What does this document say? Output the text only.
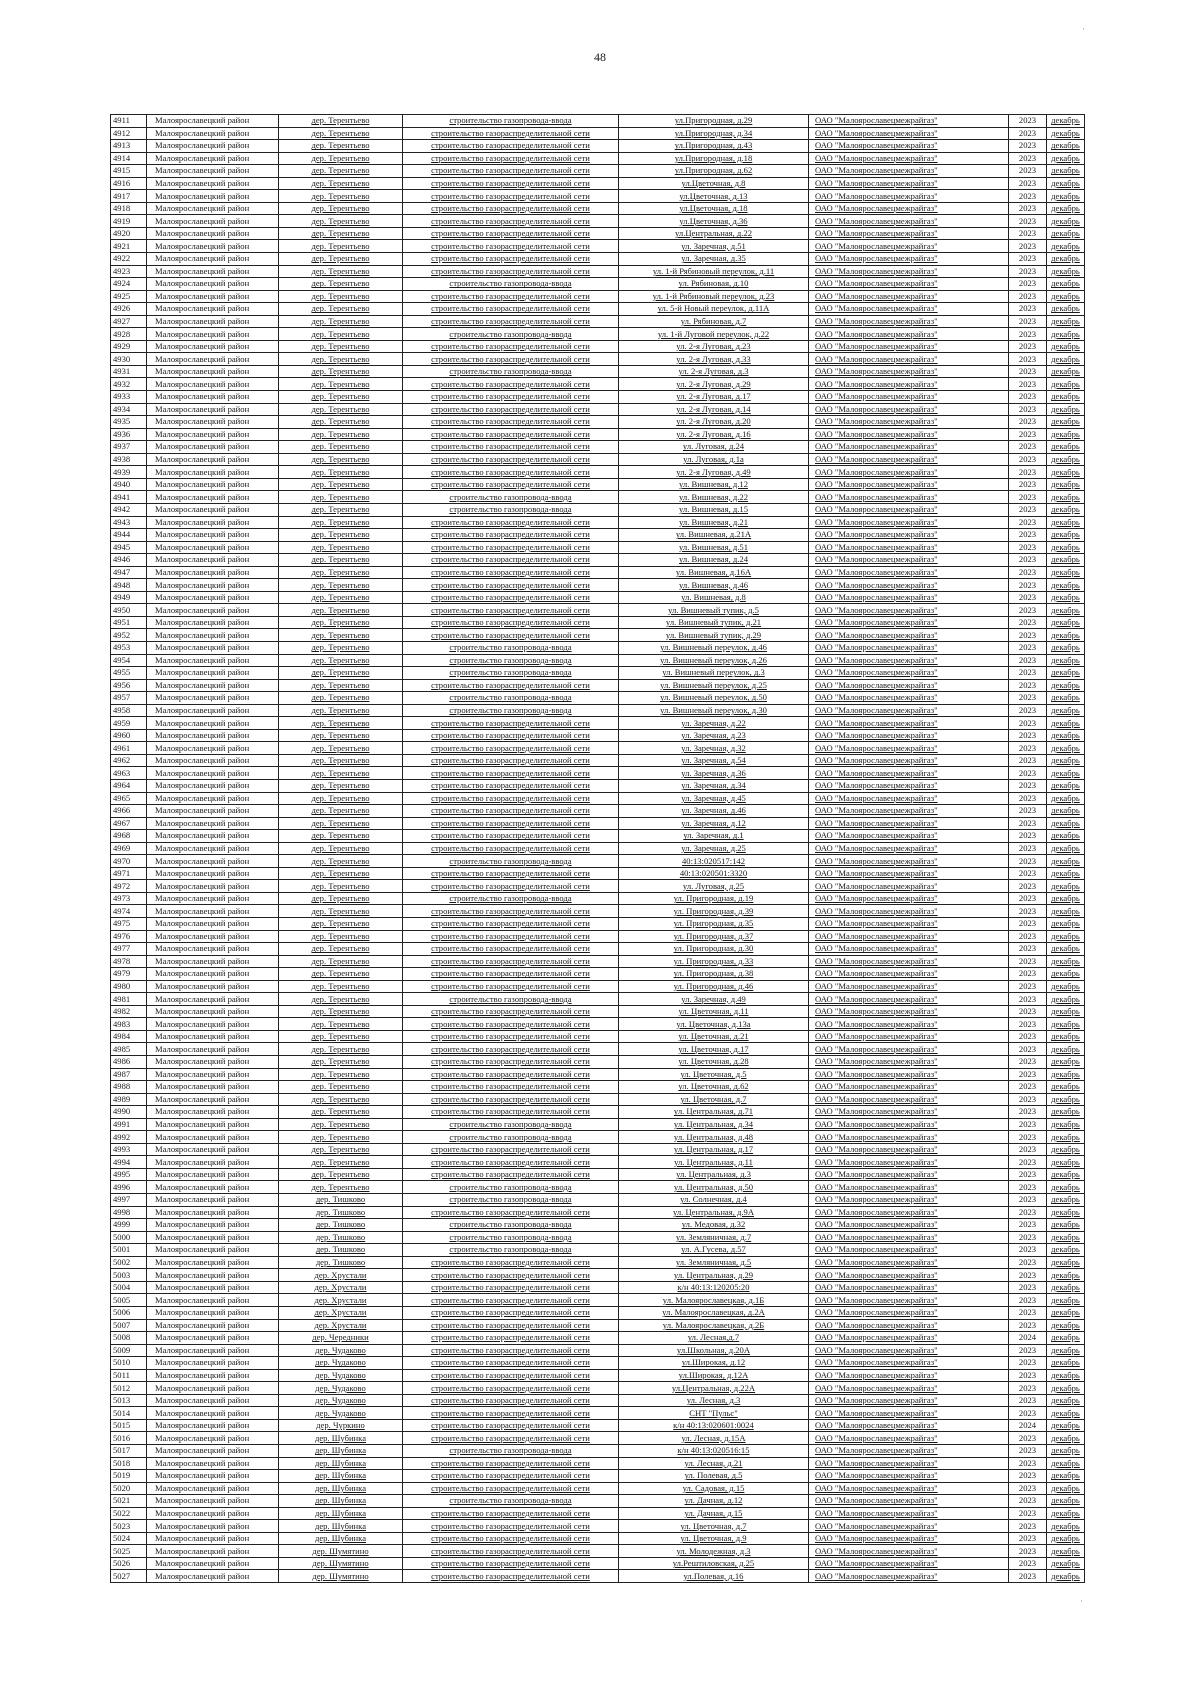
48
·
·
4911	Малоярославецкий район	дер. Терентьево	строительство газопровода-ввода	ул.Пригородная, д.29	ОАО "Малоярославецмежрайгаз"	2023	декабрь
4912	Малоярославецкий район	дер. Терентьево	строительство газораспределительной сети	ул.Пригородная, д.34	ОАО "Малоярославецмежрайгаз"	2023	декабрь
4913	Малоярославецкий район	дер. Терентьево	строительство газораспределительной сети	ул.Пригородная, д.43	ОАО "Малоярославецмежрайгаз"	2023	декабрь
4914	Малоярославецкий район	дер. Терентьево	строительство газораспределительной сети	ул.Пригородная, д.18	ОАО "Малоярославецмежрайгаз"	2023	декабрь
4915	Малоярославецкий район	дер. Терентьево	строительство газораспределительной сети	ул.Пригородная, д.62	ОАО "Малоярославецмежрайгаз"	2023	декабрь
4916	Малоярославецкий район	дер. Терентьево	строительство газораспределительной сети	ул.Цветочная, д.8	ОАО "Малоярославецмежрайгаз"	2023	декабрь
4917	Малоярославецкий район	дер. Терентьево	строительство газораспределительной сети	ул.Цветочная, д.13	ОАО "Малоярославецмежрайгаз"	2023	декабрь
4918	Малоярославецкий район	дер. Терентьево	строительство газораспределительной сети	ул.Цветочная, д.18	ОАО "Малоярославецмежрайгаз"	2023	декабрь
4919	Малоярославецкий район	дер. Терентьево	строительство газораспределительной сети	ул.Цветочная, д.36	ОАО "Малоярославецмежрайгаз"	2023	декабрь
4920	Малоярославецкий район	дер. Терентьево	строительство газораспределительной сети	ул.Центральная, д.22	ОАО "Малоярославецмежрайгаз"	2023	декабрь
4921	Малоярославецкий район	дер. Терентьево	строительство газораспределительной сети	ул. Заречная, д.51	ОАО "Малоярославецмежрайгаз"	2023	декабрь
4922	Малоярославецкий район	дер. Терентьево	строительство газораспределительной сети	ул. Заречная, д.35	ОАО "Малоярославецмежрайгаз"	2023	декабрь
4923	Малоярославецкий район	дер. Терентьево	строительство газораспределительной сети	ул. 1-й Рябиновый переулок, д.11	ОАО "Малоярославецмежрайгаз"	2023	декабрь
4924	Малоярославецкий район	дер. Терентьево	строительство газопровода-ввода	ул. Рябиновая, д.10	ОАО "Малоярославецмежрайгаз"	2023	декабрь
4925	Малоярославецкий район	дер. Терентьево	строительство газораспределительной сети	ул. 1-й Рябиновый переулок, д.23	ОАО "Малоярославецмежрайгаз"	2023	декабрь
4926	Малоярославецкий район	дер. Терентьево	строительство газораспределительной сети	ул. 5-й Новый переулок, д.11А	ОАО "Малоярославецмежрайгаз"	2023	декабрь
4927	Малоярославецкий район	дер. Терентьево	строительство газораспределительной сети	ул. Рябиновая, д.7	ОАО "Малоярославецмежрайгаз"	2023	декабрь
4928	Малоярославецкий район	дер. Терентьево	строительство газопровода-ввода	ул. 1-й Луговой переулок, д.22	ОАО "Малоярославецмежрайгаз"	2023	декабрь
4929	Малоярославецкий район	дер. Терентьево	строительство газораспределительной сети	ул. 2-я Луговая, д.23	ОАО "Малоярославецмежрайгаз"	2023	декабрь
4930	Малоярославецкий район	дер. Терентьево	строительство газораспределительной сети	ул. 2-я Луговая, д.33	ОАО "Малоярославецмежрайгаз"	2023	декабрь
4931	Малоярославецкий район	дер. Терентьево	строительство газопровода-ввода	ул. 2-я Луговая, д.3	ОАО "Малоярославецмежрайгаз"	2023	декабрь
4932	Малоярославецкий район	дер. Терентьево	строительство газораспределительной сети	ул. 2-я Луговая, д.29	ОАО "Малоярославецмежрайгаз"	2023	декабрь
4933	Малоярославецкий район	дер. Терентьево	строительство газораспределительной сети	ул. 2-я Луговая, д.17	ОАО "Малоярославецмежрайгаз"	2023	декабрь
4934	Малоярославецкий район	дер. Терентьево	строительство газораспределительной сети	ул. 2-я Луговая, д.14	ОАО "Малоярославецмежрайгаз"	2023	декабрь
4935	Малоярославецкий район	дер. Терентьево	строительство газораспределительной сети	ул. 2-я Луговая, д.20	ОАО "Малоярославецмежрайгаз"	2023	декабрь
4936	Малоярославецкий район	дер. Терентьево	строительство газораспределительной сети	ул. 2-я Луговая, д.16	ОАО "Малоярославецмежрайгаз"	2023	декабрь
4937	Малоярославецкий район	дер. Терентьево	строительство газораспределительной сети	ул. Луговая, д.24	ОАО "Малоярославецмежрайгаз"	2023	декабрь
4938	Малоярославецкий район	дер. Терентьево	строительство газораспределительной сети	ул. Луговая, д.1а	ОАО "Малоярославецмежрайгаз"	2023	декабрь
4939	Малоярославецкий район	дер. Терентьево	строительство газораспределительной сети	ул. 2-я Луговая, д.49	ОАО "Малоярославецмежрайгаз"	2023	декабрь
4940	Малоярославецкий район	дер. Терентьево	строительство газораспределительной сети	ул. Вишневая, д.12	ОАО "Малоярославецмежрайгаз"	2023	декабрь
4941	Малоярославецкий район	дер. Терентьево	строительство газопровода-ввода	ул. Вишневая, д.22	ОАО "Малоярославецмежрайгаз"	2023	декабрь
4942	Малоярославецкий район	дер. Терентьево	строительство газопровода-ввода	ул. Вишневая, д.15	ОАО "Малоярославецмежрайгаз"	2023	декабрь
4943	Малоярославецкий район	дер. Терентьево	строительство газораспределительной сети	ул. Вишневая, д.21	ОАО "Малоярославецмежрайгаз"	2023	декабрь
4944	Малоярославецкий район	дер. Терентьево	строительство газораспределительной сети	ул. Вишневая, д.21А	ОАО "Малоярославецмежрайгаз"	2023	декабрь
4945	Малоярославецкий район	дер. Терентьево	строительство газораспределительной сети	ул. Вишневая, д.51	ОАО "Малоярославецмежрайгаз"	2023	декабрь
4946	Малоярославецкий район	дер. Терентьево	строительство газораспределительной сети	ул. Вишневая, д.24	ОАО "Малоярославецмежрайгаз"	2023	декабрь
4947	Малоярославецкий район	дер. Терентьево	строительство газораспределительной сети	ул. Вишневая, д.16А	ОАО "Малоярославецмежрайгаз"	2023	декабрь
4948	Малоярославецкий район	дер. Терентьево	строительство газораспределительной сети	ул. Вишневая, д.46	ОАО "Малоярославецмежрайгаз"	2023	декабрь
4949	Малоярославецкий район	дер. Терентьево	строительство газораспределительной сети	ул. Вишневая, д.8	ОАО "Малоярославецмежрайгаз"	2023	декабрь
4950	Малоярославецкий район	дер. Терентьево	строительство газораспределительной сети	ул. Вишневый тупик, д.5	ОАО "Малоярославецмежрайгаз"	2023	декабрь
4951	Малоярославецкий район	дер. Терентьево	строительство газораспределительной сети	ул. Вишневый тупик, д.21	ОАО "Малоярославецмежрайгаз"	2023	декабрь
4952	Малоярославецкий район	дер. Терентьево	строительство газораспределительной сети	ул. Вишневый тупик, д.29	ОАО "Малоярославецмежрайгаз"	2023	декабрь
4953	Малоярославецкий район	дер. Терентьево	строительство газопровода-ввода	ул. Вишневый переулок, д.46	ОАО "Малоярославецмежрайгаз"	2023	декабрь
4954	Малоярославецкий район	дер. Терентьево	строительство газопровода-ввода	ул. Вишневый переулок, д.26	ОАО "Малоярославецмежрайгаз"	2023	декабрь
4955	Малоярославецкий район	дер. Терентьево	строительство газопровода-ввода	ул. Вишневый переулок, д.3	ОАО "Малоярославецмежрайгаз"	2023	декабрь
4956	Малоярославецкий район	дер. Терентьево	строительство газораспределительной сети	ул. Вишневый переулок, д.25	ОАО "Малоярославецмежрайгаз"	2023	декабрь
4957	Малоярославецкий район	дер. Терентьево	строительство газопровода-ввода	ул. Вишневый переулок, д.50	ОАО "Малоярославецмежрайгаз"	2023	декабрь
4958	Малоярославецкий район	дер. Терентьево	строительство газопровода-ввода	ул. Вишневый переулок, д.30	ОАО "Малоярославецмежрайгаз"	2023	декабрь
4959	Малоярославецкий район	дер. Терентьево	строительство газораспределительной сети	ул. Заречная, д.22	ОАО "Малоярославецмежрайгаз"	2023	декабрь
4960	Малоярославецкий район	дер. Терентьево	строительство газораспределительной сети	ул. Заречная, д.23	ОАО "Малоярославецмежрайгаз"	2023	декабрь
4961	Малоярославецкий район	дер. Терентьево	строительство газораспределительной сети	ул. Заречная, д.32	ОАО "Малоярославецмежрайгаз"	2023	декабрь
4962	Малоярославецкий район	дер. Терентьево	строительство газораспределительной сети	ул. Заречная, д.54	ОАО "Малоярославецмежрайгаз"	2023	декабрь
4963	Малоярославецкий район	дер. Терентьево	строительство газораспределительной сети	ул. Заречная, д.36	ОАО "Малоярославецмежрайгаз"	2023	декабрь
4964	Малоярославецкий район	дер. Терентьево	строительство газораспределительной сети	ул. Заречная, д.34	ОАО "Малоярославецмежрайгаз"	2023	декабрь
4965	Малоярославецкий район	дер. Терентьево	строительство газораспределительной сети	ул. Заречная, д.45	ОАО "Малоярославецмежрайгаз"	2023	декабрь
4966	Малоярославецкий район	дер. Терентьево	строительство газораспределительной сети	ул. Заречная, д.46	ОАО "Малоярославецмежрайгаз"	2023	декабрь
4967	Малоярославецкий район	дер. Терентьево	строительство газораспределительной сети	ул. Заречная, д.12	ОАО "Малоярославецмежрайгаз"	2023	декабрь
4968	Малоярославецкий район	дер. Терентьево	строительство газораспределительной сети	ул. Заречная, д.1	ОАО "Малоярославецмежрайгаз"	2023	декабрь
4969	Малоярославецкий район	дер. Терентьево	строительство газораспределительной сети	ул. Заречная, д.25	ОАО "Малоярославецмежрайгаз"	2023	декабрь
4970	Малоярославецкий район	дер. Терентьево	строительство газопровода-ввода	40:13:020517:142	ОАО "Малоярославецмежрайгаз"	2023	декабрь
4971	Малоярославецкий район	дер. Терентьево	строительство газораспределительной сети	40:13:020501:3320	ОАО "Малоярославецмежрайгаз"	2023	декабрь
4972	Малоярославецкий район	дер. Терентьево	строительство газораспределительной сети	ул. Луговая, д.25	ОАО "Малоярославецмежрайгаз"	2023	декабрь
4973	Малоярославецкий район	дер. Терентьево	строительство газопровода-ввода	ул. Пригородная, д.19	ОАО "Малоярославецмежрайгаз"	2023	декабрь
4974	Малоярославецкий район	дер. Терентьево	строительство газораспределительной сети	ул. Пригородная, д.39	ОАО "Малоярославецмежрайгаз"	2023	декабрь
4975	Малоярославецкий район	дер. Терентьево	строительство газораспределительной сети	ул. Пригородная, д.35	ОАО "Малоярославецмежрайгаз"	2023	декабрь
4976	Малоярославецкий район	дер. Терентьево	строительство газораспределительной сети	ул. Пригородная, д.37	ОАО "Малоярославецмежрайгаз"	2023	декабрь
4977	Малоярославецкий район	дер. Терентьево	строительство газораспределительной сети	ул. Пригородная, д.30	ОАО "Малоярославецмежрайгаз"	2023	декабрь
4978	Малоярославецкий район	дер. Терентьево	строительство газораспределительной сети	ул. Пригородная, д.33	ОАО "Малоярославецмежрайгаз"	2023	декабрь
4979	Малоярославецкий район	дер. Терентьево	строительство газораспределительной сети	ул. Пригородная, д.38	ОАО "Малоярославецмежрайгаз"	2023	декабрь
4980	Малоярославецкий район	дер. Терентьево	строительство газораспределительной сети	ул. Пригородная, д.46	ОАО "Малоярославецмежрайгаз"	2023	декабрь
4981	Малоярославецкий район	дер. Терентьево	строительство газопровода-ввода	ул. Заречная, д.49	ОАО "Малоярославецмежрайгаз"	2023	декабрь
4982	Малоярославецкий район	дер. Терентьево	строительство газораспределительной сети	ул. Цветочная, д.11	ОАО "Малоярославецмежрайгаз"	2023	декабрь
4983	Малоярославецкий район	дер. Терентьево	строительство газораспределительной сети	ул. Цветочная, д.13а	ОАО "Малоярославецмежрайгаз"	2023	декабрь
4984	Малоярославецкий район	дер. Терентьево	строительство газораспределительной сети	ул. Цветочная, д.21	ОАО "Малоярославецмежрайгаз"	2023	декабрь
4985	Малоярославецкий район	дер. Терентьево	строительство газораспределительной сети	ул. Цветочная, д.17	ОАО "Малоярославецмежрайгаз"	2023	декабрь
4986	Малоярославецкий район	дер. Терентьево	строительство газораспределительной сети	ул. Цветочная, д.28	ОАО "Малоярославецмежрайгаз"	2023	декабрь
4987	Малоярославецкий район	дер. Терентьево	строительство газораспределительной сети	ул. Цветочная, д.5	ОАО "Малоярославецмежрайгаз"	2023	декабрь
4988	Малоярославецкий район	дер. Терентьево	строительство газораспределительной сети	ул. Цветочная, д.62	ОАО "Малоярославецмежрайгаз"	2023	декабрь
4989	Малоярославецкий район	дер. Терентьево	строительство газораспределительной сети	ул. Цветочная, д.7	ОАО "Малоярославецмежрайгаз"	2023	декабрь
4990	Малоярославецкий район	дер. Терентьево	строительство газораспределительной сети	ул. Центральная, д.71	ОАО "Малоярославецмежрайгаз"	2023	декабрь
4991	Малоярославецкий район	дер. Терентьево	строительство газопровода-ввода	ул. Центральная, д.34	ОАО "Малоярославецмежрайгаз"	2023	декабрь
4992	Малоярославецкий район	дер. Терентьево	строительство газопровода-ввода	ул. Центральная, д.48	ОАО "Малоярославецмежрайгаз"	2023	декабрь
4993	Малоярославецкий район	дер. Терентьево	строительство газораспределительной сети	ул. Центральная, д.17	ОАО "Малоярославецмежрайгаз"	2023	декабрь
4994	Малоярославецкий район	дер. Терентьево	строительство газораспределительной сети	ул. Центральная, д.11	ОАО "Малоярославецмежрайгаз"	2023	декабрь
4995	Малоярославецкий район	дер. Терентьево	строительство газораспределительной сети	ул. Центральная, д.3	ОАО "Малоярославецмежрайгаз"	2023	декабрь
4996	Малоярославецкий район	дер. Терентьево	строительство газопровода-ввода	ул. Центральная, д.50	ОАО "Малоярославецмежрайгаз"	2023	декабрь
4997	Малоярославецкий район	дер. Тишково	строительство газопровода-ввода	ул. Солнечная, д.4	ОАО "Малоярославецмежрайгаз"	2023	декабрь
4998	Малоярославецкий район	дер. Тишково	строительство газораспределительной сети	ул. Центральная, д.9А	ОАО "Малоярославецмежрайгаз"	2023	декабрь
4999	Малоярославецкий район	дер. Тишково	строительство газопровода-ввода	ул. Медовая, д.32	ОАО "Малоярославецмежрайгаз"	2023	декабрь
5000	Малоярославецкий район	дер. Тишково	строительство газопровода-ввода	ул. Земляничная, д.7	ОАО "Малоярославецмежрайгаз"	2023	декабрь
5001	Малоярославецкий район	дер. Тишково	строительство газопровода-ввода	ул. А.Гусева, д.57	ОАО "Малоярославецмежрайгаз"	2023	декабрь
5002	Малоярославецкий район	дер. Тишково	строительство газораспределительной сети	ул. Земляничная, д.5	ОАО "Малоярославецмежрайгаз"	2023	декабрь
5003	Малоярославецкий район	дер. Хрустали	строительство газораспределительной сети	ул. Центральная, д.29	ОАО "Малоярославецмежрайгаз"	2023	декабрь
5004	Малоярославецкий район	дер. Хрустали	строительство газораспределительной сети	к/н 40:13:120205:20	ОАО "Малоярославецмежрайгаз"	2023	декабрь
5005	Малоярославецкий район	дер. Хрустали	строительство газораспределительной сети	ул. Малоярославецкая, д.1Б	ОАО "Малоярославецмежрайгаз"	2023	декабрь
5006	Малоярославецкий район	дер. Хрустали	строительство газораспределительной сети	ул. Малоярославецкая, д.2А	ОАО "Малоярославецмежрайгаз"	2023	декабрь
5007	Малоярославецкий район	дер. Хрустали	строительство газораспределительной сети	ул. Малоярославецкая, д.2Б	ОАО "Малоярославецмежрайгаз"	2023	декабрь
5008	Малоярославецкий район	дер. Чередники	строительство газораспределительной сети	ул. Лесная,д.7	ОАО "Малоярославецмежрайгаз"	2024	декабрь
5009	Малоярославецкий район	дер. Чудаково	строительство газораспределительной сети	ул.Школьная, д.20А	ОАО "Малоярославецмежрайгаз"	2023	декабрь
5010	Малоярославецкий район	дер. Чудаково	строительство газораспределительной сети	ул.Широкая, д.12	ОАО "Малоярославецмежрайгаз"	2023	декабрь
5011	Малоярославецкий район	дер. Чудаково	строительство газораспределительной сети	ул.Широкая, д.12А	ОАО "Малоярославецмежрайгаз"	2023	декабрь
5012	Малоярославецкий район	дер. Чудаково	строительство газораспределительной сети	ул.Центральная, д.22А	ОАО "Малоярославецмежрайгаз"	2023	декабрь
5013	Малоярославецкий район	дер. Чудаково	строительство газораспределительной сети	ул. Лесная, д.3	ОАО "Малоярославецмежрайгаз"	2023	декабрь
5014	Малоярославецкий район	дер. Чудаково	строительство газораспределительной сети	СНТ "Пульс"	ОАО "Малоярославецмежрайгаз"	2023	декабрь
5015	Малоярославецкий район	дер. Чуркино	строительство газораспределительной сети	к/н 40:13:020601:0024	ОАО "Малоярославецмежрайгаз"	2024	декабрь
5016	Малоярославецкий район	дер. Шубинка	строительство газораспределительной сети	ул. Лесная, д.15А	ОАО "Малоярославецмежрайгаз"	2023	декабрь
5017	Малоярославецкий район	дер. Шубинка	строительство газопровода-ввода	к/н 40:13:020516:15	ОАО "Малоярославецмежрайгаз"	2023	декабрь
5018	Малоярославецкий район	дер. Шубинка	строительство газораспределительной сети	ул. Лесная, д.21	ОАО "Малоярославецмежрайгаз"	2023	декабрь
5019	Малоярославецкий район	дер. Шубинка	строительство газораспределительной сети	ул. Полевая, д.5	ОАО "Малоярославецмежрайгаз"	2023	декабрь
5020	Малоярославецкий район	дер. Шубинка	строительство газораспределительной сети	ул. Садовая, д.15	ОАО "Малоярославецмежрайгаз"	2023	декабрь
5021	Малоярославецкий район	дер. Шубинка	строительство газопровода-ввода	ул. Дачная, д.12	ОАО "Малоярославецмежрайгаз"	2023	декабрь
5022	Малоярославецкий район	дер. Шубинка	строительство газораспределительной сети	ул. Дачная, д.15	ОАО "Малоярославецмежрайгаз"	2023	декабрь
5023	Малоярославецкий район	дер. Шубинка	строительство газораспределительной сети	ул. Цветочная, д.7	ОАО "Малоярославецмежрайгаз"	2023	декабрь
5024	Малоярославецкий район	дер. Шубинка	строительство газораспределительной сети	ул. Цветочная, д.9	ОАО "Малоярославецмежрайгаз"	2023	декабрь
5025	Малоярославецкий район	дер. Шумятино	строительство газораспределительной сети	ул. Молодежная, д.3	ОАО "Малоярославецмежрайгаз"	2023	декабрь
5026	Малоярославецкий район	дер. Шумятино	строительство газораспределительной сети	ул.Рештиловская, д.25	ОАО "Малоярославецмежрайгаз"	2023	декабрь
5027	Малоярославецкий район	дер. Шумятино	строительство газораспределительной сети	ул.Полевая, д.16	ОАО "Малоярославецмежрайгаз"	2023	декабрь
